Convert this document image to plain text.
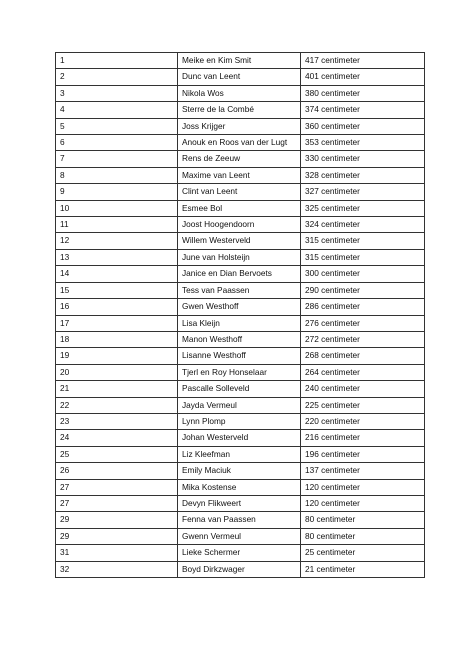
1	Meike en Kim Smit	417 centimeter
2	Dunc van Leent	401 centimeter
3	Nikola Wos	380 centimeter
4	Sterre de la Combé	374 centimeter
5	Joss Krijger	360 centimeter
6	Anouk en Roos van der Lugt	353 centimeter
7	Rens de Zeeuw	330 centimeter
8	Maxime van Leent	328 centimeter
9	Clint van Leent	327 centimeter
10	Esmee Bol	325 centimeter
11	Joost Hoogendoorn	324 centimeter
12	Willem Westerveld	315 centimeter
13	June van Holsteijn	315 centimeter
14	Janice en Dian Bervoets	300 centimeter
15	Tess van Paassen	290 centimeter
16	Gwen Westhoff	286 centimeter
17	Lisa Kleijn	276 centimeter
18	Manon Westhoff	272 centimeter
19	Lisanne Westhoff	268 centimeter
20	Tjerl en Roy Honselaar	264 centimeter
21	Pascalle Solleveld	240 centimeter
22	Jayda Vermeul	225 centimeter
23	Lynn Plomp	220 centimeter
24	Johan Westerveld	216 centimeter
25	Liz Kleefman	196 centimeter
26	Emily Maciuk	137 centimeter
27	Mika Kostense	120 centimeter
27	Devyn Flikweert	120 centimeter
29	Fenna van Paassen	80 centimeter
29	Gwenn Vermeul	80 centimeter
31	Lieke Schermer	25 centimeter
32	Boyd Dirkzwager	21 centimeter
